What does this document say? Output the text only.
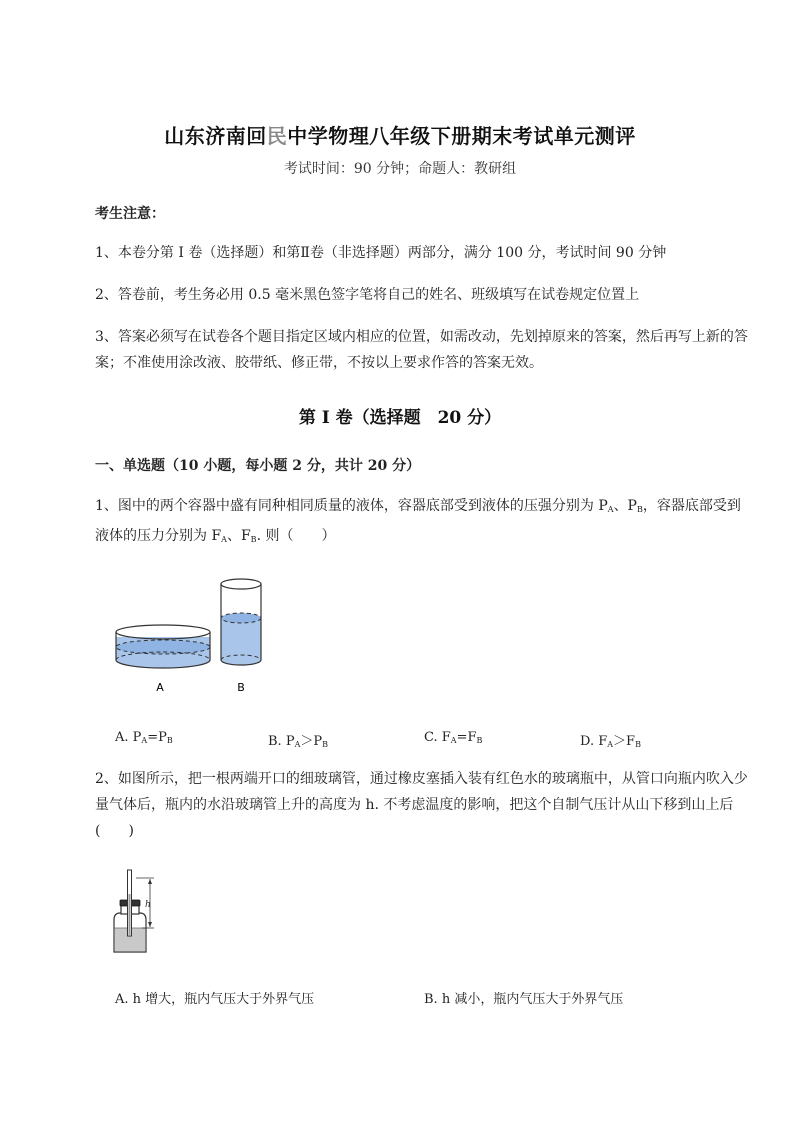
山东济南回民中学物理八年级下册期末考试单元测评
考试时间：90 分钟；命题人：教研组
考生注意：
1、本卷分第 I 卷（选择题）和第Ⅱ卷（非选择题）两部分，满分 100 分，考试时间 90 分钟
2、答卷前，考生务必用 0.5 毫米黑色签字笔将自己的姓名、班级填写在试卷规定位置上
3、答案必须写在试卷各个题目指定区域内相应的位置，如需改动，先划掉原来的答案，然后再写上新的答案；不准使用涂改液、胶带纸、修正带，不按以上要求作答的答案无效。
第 I 卷（选择题　20 分）
一、单选题（10 小题，每小题 2 分，共计 20 分）
1、图中的两个容器中盛有同种相同质量的液体，容器底部受到液体的压强分别为 $P_A$、$P_B$，容器底部受到液体的压力分别为 $F_A$、$F_B$. 则（　　）
A	B
A. $P_A=P_B$	B. $P_A>P_B$	C. $F_A=F_B$	D. $F_A>F_B$
2、如图所示，把一根两端开口的细玻璃管，通过橡皮塞插入装有红色水的玻璃瓶中，从管口向瓶内吹入少量气体后，瓶内的水沿玻璃管上升的高度为 h. 不考虑温度的影响，把这个自制气压计从山下移到山上后(　　)
h
A. h 增大，瓶内气压大于外界气压	B. h 减小，瓶内气压大于外界气压
